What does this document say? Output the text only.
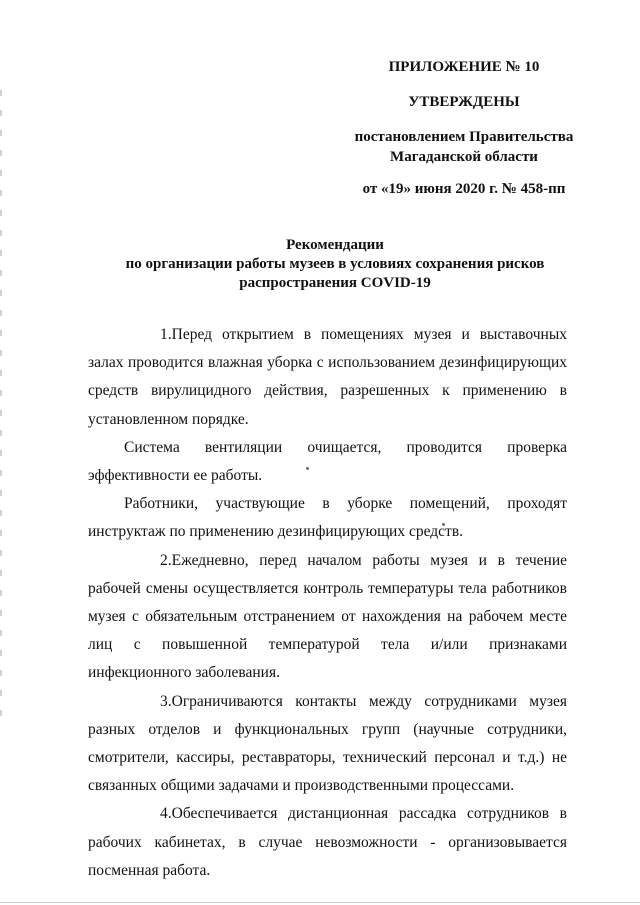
ПРИЛОЖЕНИЕ № 10
УТВЕРЖДЕНЫ
постановлением Правительства
Магаданской области
от «19» июня 2020 г. № 458-пп
Рекомендации
по организации работы музеев в условиях сохранения рисков
распространения COVID-19

1.Перед открытием в помещениях музея и выставочных залах проводится влажная уборка с использованием дезинфицирующих средств вирулицидного действия, разрешенных к применению в установленном порядке.

Система вентиляции очищается, проводится проверка эффективности ее работы.

Работники, участвующие в уборке помещений, проходят инструктаж по применению дезинфицирующих средств.

2.Ежедневно, перед началом работы музея и в течение рабочей смены осуществляется контроль температуры тела работников музея с обязательным отстранением от нахождения на рабочем месте лиц с повышенной температурой тела и/или признаками инфекционного заболевания.

3.Ограничиваются контакты между сотрудниками музея разных отделов и функциональных групп (научные сотрудники, смотрители, кассиры, реставраторы, технический персонал и т.д.) не связанных общими задачами и производственными процессами.

4.Обеспечивается дистанционная рассадка сотрудников в рабочих кабинетах, в случае невозможности - организовывается посменная работа.
